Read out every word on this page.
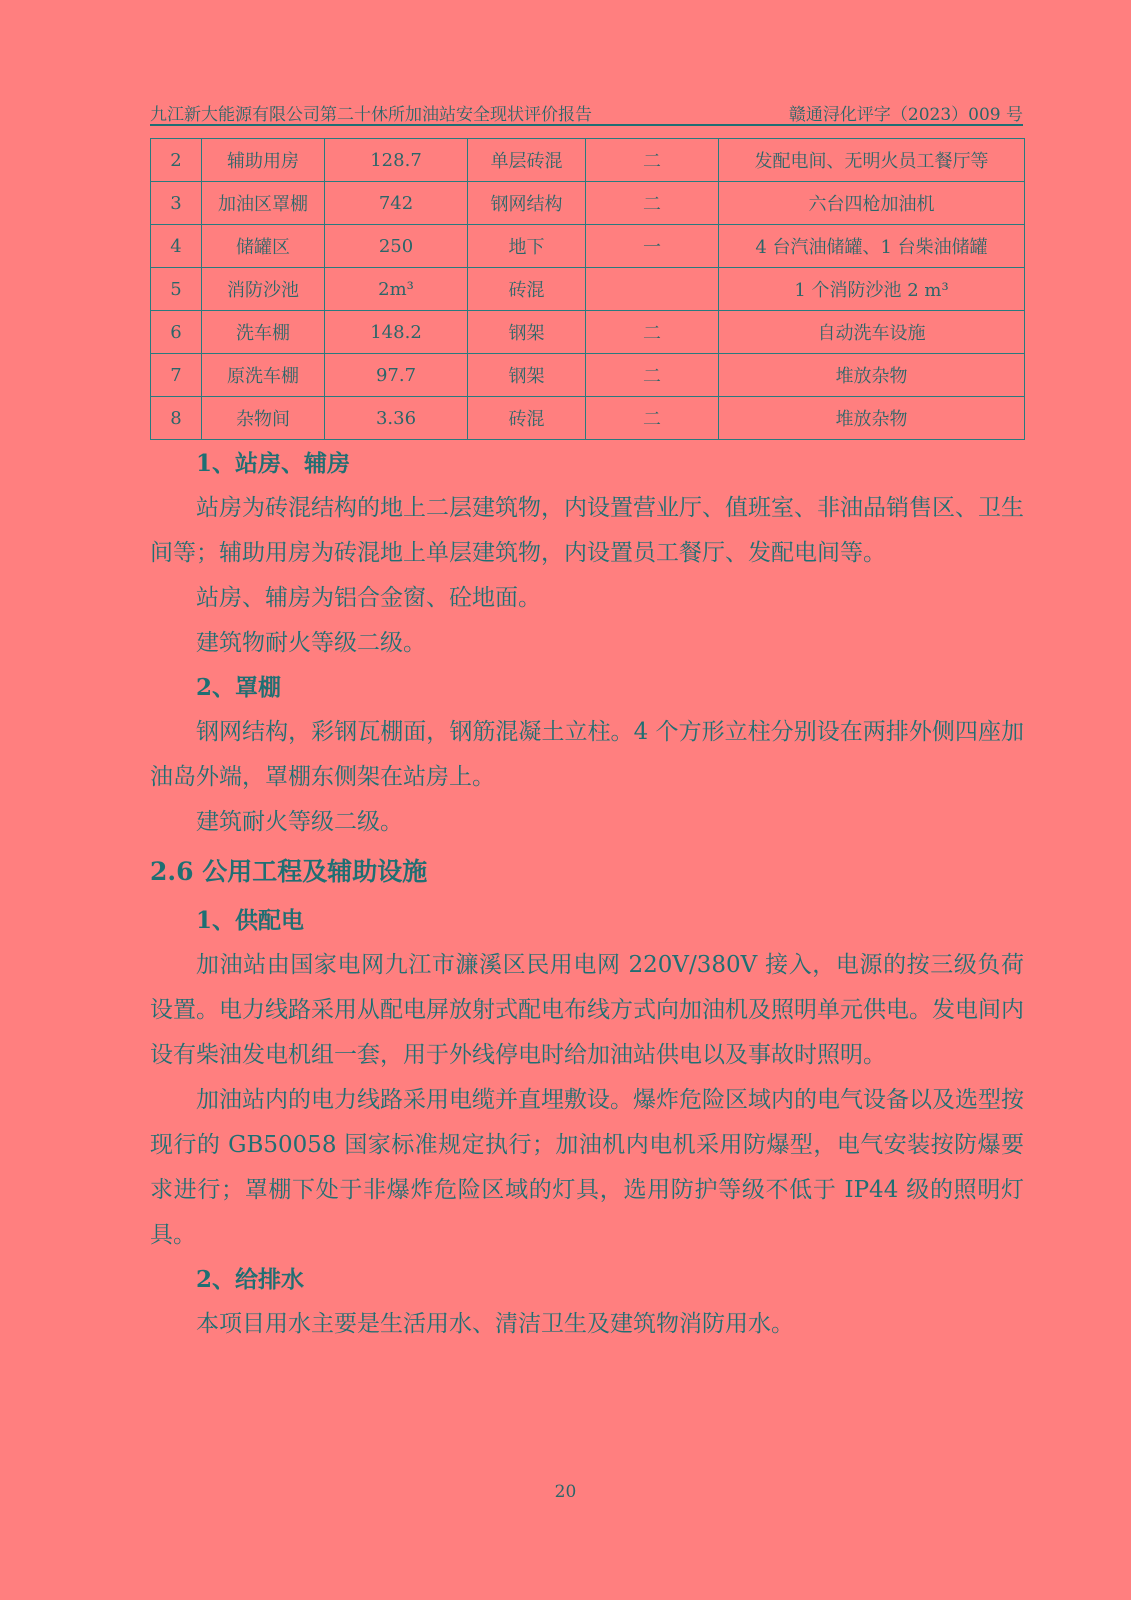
九江新大能源有限公司第二十休所加油站安全现状评价报告	赣通浔化评字（2023）009 号
2	辅助用房	128.7	单层砖混	二	发配电间、无明火员工餐厅等
3	加油区罩棚	742	钢网结构	二	六台四枪加油机
4	储罐区	250	地下	一	4 台汽油储罐、1 台柴油储罐
5	消防沙池	2m³	砖混		1 个消防沙池 2 m³
6	洗车棚	148.2	钢架	二	自动洗车设施
7	原洗车棚	97.7	钢架	二	堆放杂物
8	杂物间	3.36	砖混	二	堆放杂物

1、站房、辅房

站房为砖混结构的地上二层建筑物，内设置营业厅、值班室、非油品销售区、卫生间等；辅助用房为砖混地上单层建筑物，内设置员工餐厅、发配电间等。

站房、辅房为铝合金窗、砼地面。

建筑物耐火等级二级。

2、罩棚

钢网结构，彩钢瓦棚面，钢筋混凝土立柱。4 个方形立柱分别设在两排外侧四座加油岛外端，罩棚东侧架在站房上。

建筑耐火等级二级。

2.6 公用工程及辅助设施

1、供配电

加油站由国家电网九江市濂溪区民用电网 220V/380V 接入，电源的按三级负荷设置。电力线路采用从配电屏放射式配电布线方式向加油机及照明单元供电。发电间内设有柴油发电机组一套，用于外线停电时给加油站供电以及事故时照明。

加油站内的电力线路采用电缆并直埋敷设。爆炸危险区域内的电气设备以及选型按现行的 GB50058 国家标准规定执行；加油机内电机采用防爆型，电气安装按防爆要求进行；罩棚下处于非爆炸危险区域的灯具，选用防护等级不低于 IP44 级的照明灯具。

2、给排水

本项目用水主要是生活用水、清洁卫生及建筑物消防用水。

20
